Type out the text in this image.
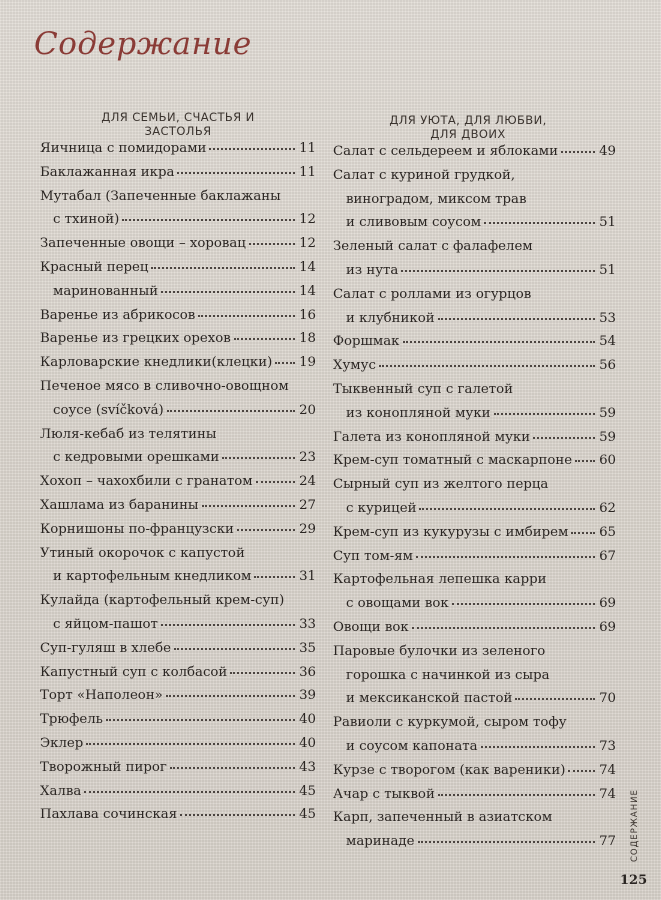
Содержание
ДЛЯ СЕМЬИ, СЧАСТЬЯ И ЗАСТОЛЬЯ
Яичница с помидорами	11
Баклажанная икра	11
Мутабал (Запеченные баклажаны
с тхиной)	12
Запеченные овощи – хоровац	12
Красный перец	14
маринованный	14
Варенье из абрикосов	16
Варенье из грецких орехов	18
Карловарские кнедлики(клецки) 19
Печеное мясо в сливочно-овощном
соусе (svíčková)	20
Люля-кебаб из телятины
с кедровыми орешками	23
Хохоп – чахохбили с гранатом	24
Хашлама из баранины	27
Корнишоны по-французски	29
Утиный окорочок с капустой
и картофельным кнедликом	31
Кулайда (картофельный крем-суп)
с яйцом-пашот	33
Суп-гуляш в хлебе	35
Капустный суп с колбасой	36
Торт «Наполеон»	39
Трюфель	40
Эклер	40
Творожный пирог	43
Халва	45
Пахлава сочинская	45
ДЛЯ УЮТА, ДЛЯ ЛЮБВИ, ДЛЯ ДВОИХ
Салат с сельдереем и яблоками	49
Салат с куриной грудкой,
виноградом, миксом трав
и сливовым соусом	51
Зеленый салат с фалафелем
из нута	51
Салат с роллами из огурцов
и клубникой	53
Форшмак	54
Хумус	56
Тыквенный суп с галетой
из конопляной муки	59
Галета из конопляной муки	59
Крем-суп томатный с маскарпоне 60
Сырный суп из желтого перца
с курицей	62
Крем-суп из кукурузы с имбирем 65
Суп том-ям	67
Картофельная лепешка карри
с овощами вок	69
Овощи вок	69
Паровые булочки из зеленого
горошка с начинкой из сыра
и мексиканской пастой	70
Равиоли с куркумой, сыром тофу
и соусом капоната	73
Курзе с творогом (как вареники)	74
Ачар с тыквой	74
Карп, запеченный в азиатском
маринаде	77 СОДЕРЖАНИЕ
125
